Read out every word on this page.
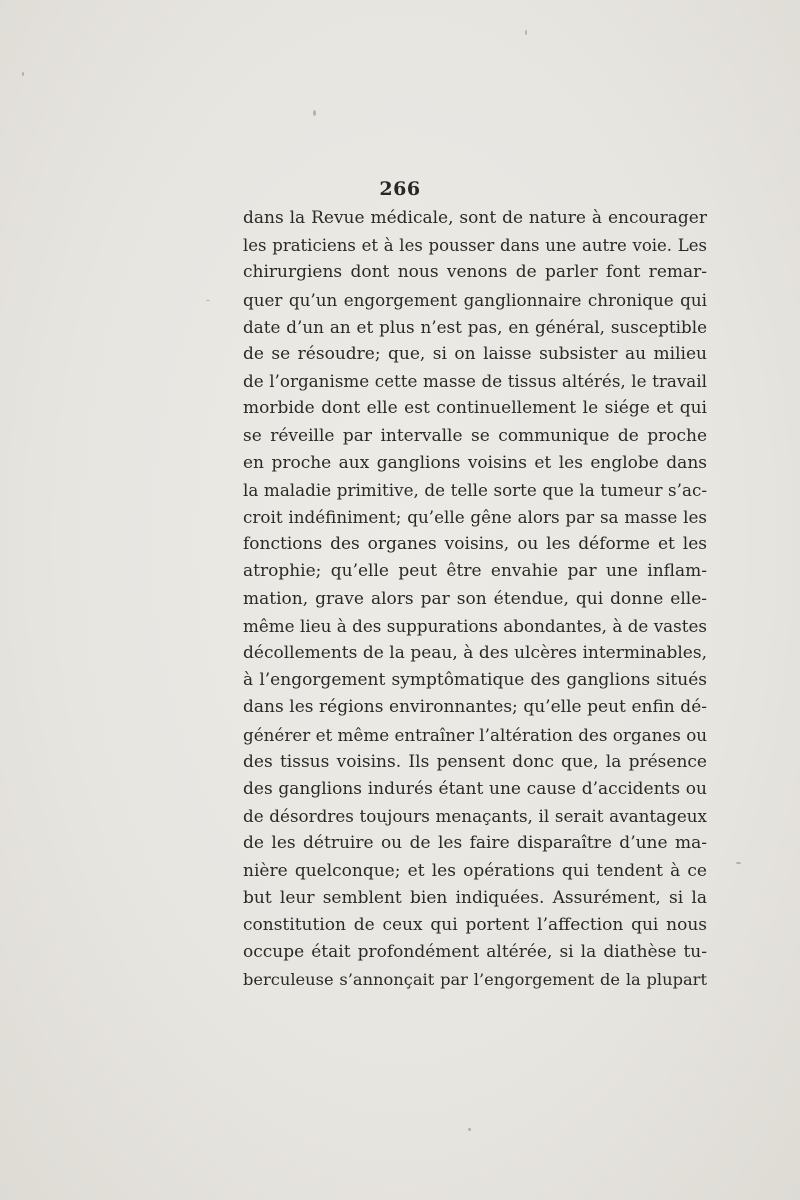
266
dans la Revue médicale, sont de nature à encourager
les praticiens et à les pousser dans une autre voie. Les
chirurgiens dont nous venons de parler font remar-
quer qu’un engorgement ganglionnaire chronique qui
date d’un an et plus n’est pas, en général, susceptible
de se résoudre; que, si on laisse subsister au milieu
de l’organisme cette masse de tissus altérés, le travail
morbide dont elle est continuellement le siége et qui
se réveille par intervalle se communique de proche
en proche aux ganglions voisins et les englobe dans
la maladie primitive, de telle sorte que la tumeur s’ac-
croit indéfiniment; qu’elle gêne alors par sa masse les
fonctions des organes voisins, ou les déforme et les
atrophie; qu’elle peut être envahie par une inflam-
mation, grave alors par son étendue, qui donne elle-
même lieu à des suppurations abondantes, à de vastes
décollements de la peau, à des ulcères interminables,
à l’engorgement symptômatique des ganglions situés
dans les régions environnantes; qu’elle peut enfin dé-
générer et même entraîner l’altération des organes ou
des tissus voisins. Ils pensent donc que, la présence
des ganglions indurés étant une cause d’accidents ou
de désordres toujours menaçants, il serait avantageux
de les détruire ou de les faire disparaître d’une ma-
nière quelconque; et les opérations qui tendent à ce
but leur semblent bien indiquées. Assurément, si la
constitution de ceux qui portent l’affection qui nous
occupe était profondément altérée, si la diathèse tu-
berculeuse s’annonçait par l’engorgement de la plupart
